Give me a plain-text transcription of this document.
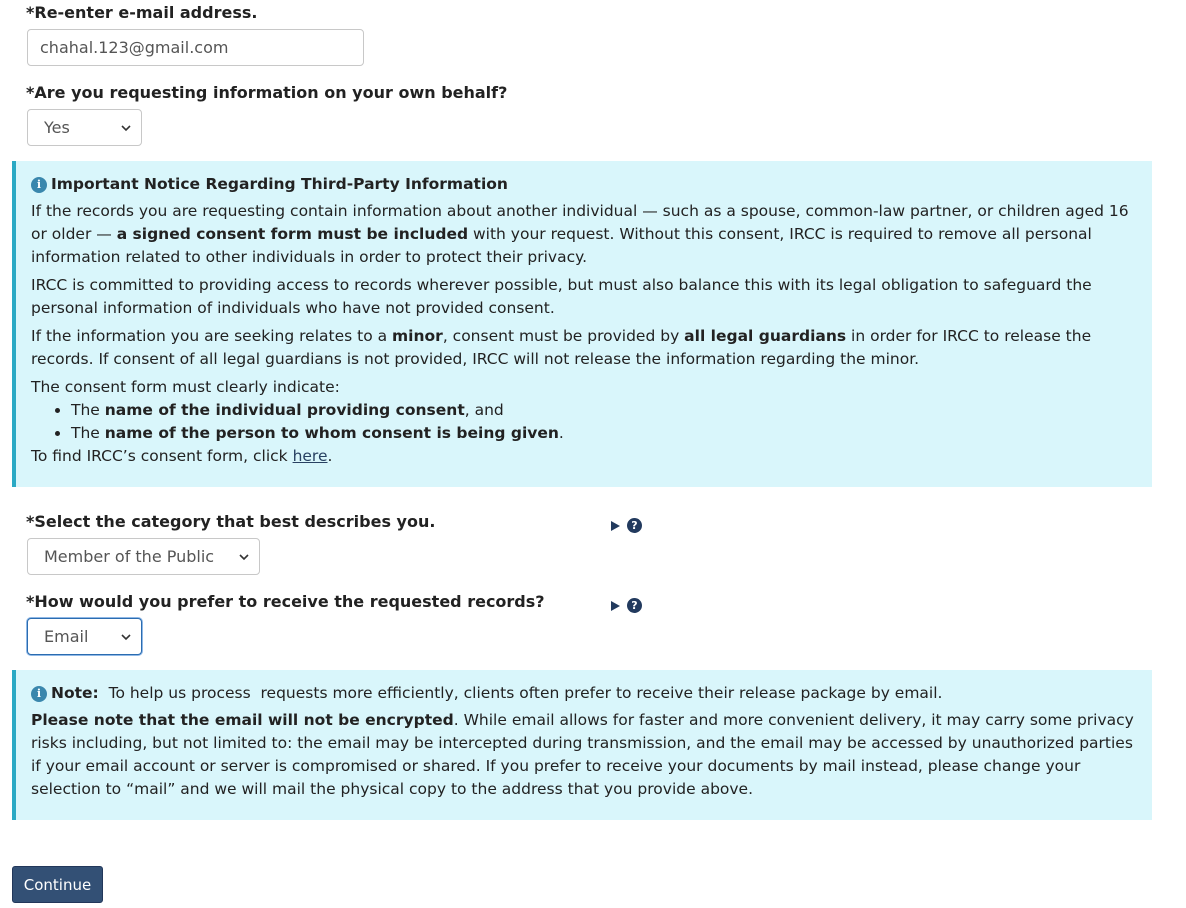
*Re-enter e-mail address.
chahal.123@gmail.com
*Are you requesting information on your own behalf?
Yes
i Important Notice Regarding Third-Party Information

If the records you are requesting contain information about another individual — such as a spouse, common-law partner, or children aged 16 or older — a signed consent form must be included with your request. Without this consent, IRCC is required to remove all personal information related to other individuals in order to protect their privacy.

IRCC is committed to providing access to records wherever possible, but must also balance this with its legal obligation to safeguard the personal information of individuals who have not provided consent.

If the information you are seeking relates to a minor, consent must be provided by all legal guardians in order for IRCC to release the records. If consent of all legal guardians is not provided, IRCC will not release the information regarding the minor.

The consent form must clearly indicate:
• The name of the individual providing consent, and
• The name of the person to whom consent is being given.
To find IRCC’s consent form, click here.
*Select the category that best describes you.	?
Member of the Public
*How would you prefer to receive the requested records?	?
Email
i Note: To help us process  requests more efficiently, clients often prefer to receive their release package by email.

Please note that the email will not be encrypted. While email allows for faster and more convenient delivery, it may carry some privacy risks including, but not limited to: the email may be intercepted during transmission, and the email may be accessed by unauthorized parties if your email account or server is compromised or shared. If you prefer to receive your documents by mail instead, please change your selection to “mail” and we will mail the physical copy to the address that you provide above.

Continue
